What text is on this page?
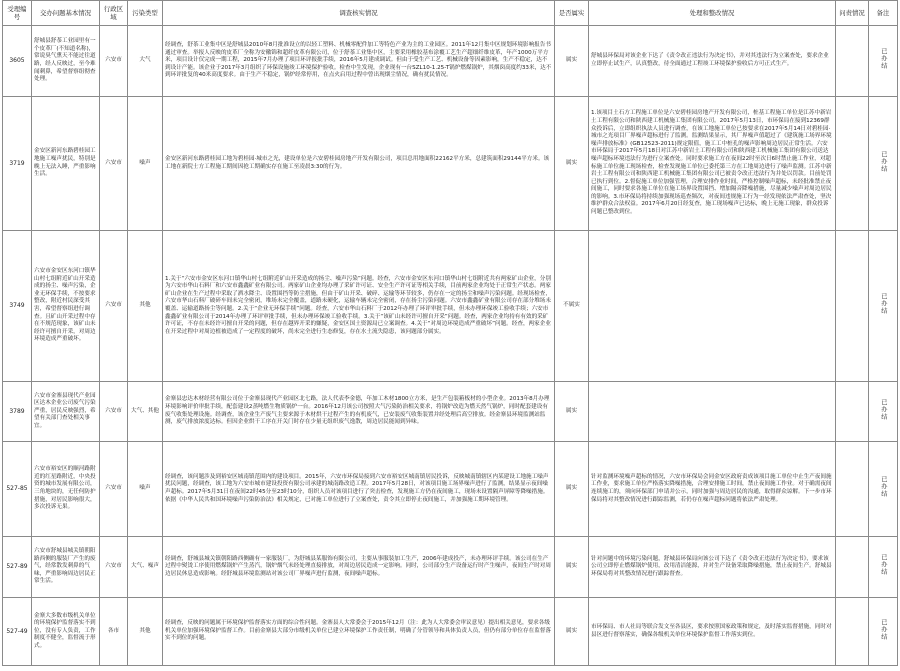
受理编号	交办问题基本情况	行政区域	污染类型	调查核实情况	是否属实	处理和整改情况	问责情况	备注
3605	舒城县舒茶工业园里有一个皮革厂(不知道名称)，常说臭气熏天不能过往道路，经人反映过，至今难闻刺鼻，希望督察组彻查处理。	六安市	大气	经调查，舒茶工业集中区是舒城县2010年8月批准设立的以轻工塑料、机械零配件加工等特色产业为主的工业园区。2011年12月集中区规划环境影响报告书通过审查。举报人反映的皮革厂全称为安徽锦和超纤皮革有限公司，位于舒茶工业集中区，主要采用橡胶基布涂覆工艺生产超细纤维皮革，年产1000万平方米，项目设计仅完成一期工程，2015年7月办理了项目环评报批手续，2016年5月建成调试。但由于受生产工艺、机械设备等因素影响，生产不稳定，达不到设计产能。该企业于2017年3月组织了环保设施竣工环境保护验收。检查中生发现，企业现有一台SZL10-1.25-T锅炉燃煤锅炉，其烟囱高度约33米，达不到环评批复的40米高度要求。由于生产不稳定，锅炉经常停用，在点火启用过程中曾出现烟尘情况，确有扰民情况。	属实	舒城县环保局对该企业下达了《责令改正违法行为决定书》，并对其违法行为立案查处，要求企业立即停止试生产，认真整改，待全面通过工程竣工环境保护验收后方可正式生产。		已办结
3719	金安区新河东路碧桂园工地施工噪声扰民，特别是晚上无法入睡，严重影响生活。	六安市	噪声	金安区新河东路碧桂园工地为碧桂园·城市之光，建设单位是六安碧桂园房地产开发有限公司，项目总用地面积22162平方米，总建筑面积29144平方米。该工地在新院士方工程施工期间因抢工期确实存在施工至凌晨3:30的行为。	属实	1.该项目土石方工程施工单位是六安碧桂园房地产开发有限公司，桩基工程施工单位是江苏中新岩土工程有限公司和陕西建工机械施工集团有限公司。2017年5月13日，市环保局在接到12369群众投诉后，立即组织执法人员进行调查，在该工地施工单位已按要求在2017年5月14日对碧桂园·城市之光项目厂界噪声超标进行了监测。监测结果显示，其厂界噪声值超过了《建筑施工场界环境噪声排放标准》(GB12523-2011)规定限值，施工工中桩孔的噪声影响周边居民正常生活。六安市环保局于2017年5月18日对江苏中新岩土工程有限公司和陕西建工机械施工集团有限公司送达噪声超标环境违法行为进行立案查处。同时要求施工方在夜间22时至次日6时禁止施工作业，对超标施工单位施工现场检查，检查发现施工单位已委托第三方在工地周边进行了噪声监测。江苏中新岩土工程有限公司和陕西建工机械施工集团有限公司已被责令改正违法行为并处以罚款。目前处罚已执行到位。2.督促施工单位加强管理，合理安排作业时间，严格控制噪声超标，未经批准禁止夜间施工，同时要求各施工单位在施工场界设置围挡、增加隔音降噪措施，尽量减少噪声对周边居民的影响。3.市环保局将持续加强现场巡查频次，对夜间违规施工行为一经发现依法严肃查处，坚决维护群众合法权益。2017年6月20日经复查，施工现场噪声已达标，晚上无施工现象，群众投诉问题已整改到位。		已办结
3749	六安市金安区东河口镇华山村七组附近矿山开采造成的扬尘、噪声污染，企业无环保手续，不按要求整改，附近村民深受其害，希望督察组进行调查。且矿山开采过程中存在不规范现象，该矿山未经许可擅自开采，对周边环境造成严重破坏。	六安市	其他	1.关于“六安市金安区东河口镇华山村七组附近矿山开采造成的扬尘、噪声污染”问题。经查，六安市金安区东河口镇华山村七组附近共有两家矿山企业，分别为六安市华山石料厂和六安市鑫鑫矿业有限公司。两家矿山企业均办理了采矿许可证、安全生产许可证等相关手续，目前两家企业均处于正常生产状态。两家矿山企业在生产过程中采取了洒水降尘、设置围挡等防尘措施，但由于矿山开采、破碎、运输等环节较多，仍存在一定的扬尘和噪声污染问题。经现场检查，六安市华山石料厂破碎车间未完全密闭，堆场未完全覆盖，道路未硬化，运输车辆未完全密闭，存在扬尘污染问题。六安市鑫鑫矿业有限公司存在部分堆场未覆盖、运输道路扬尘等问题。2.关于“企业无环保手续”问题。经查，六安市华山石料厂于2012年办理了环评审批手续，但未办理环保竣工验收手续；六安市鑫鑫矿业有限公司于2014年办理了环评审批手续，但未办理环保竣工验收手续。3.关于“该矿山未经许可擅自开采”问题。经查，两家企业均持有有效的采矿许可证，不存在未经许可擅自开采的问题，但存在越界开采的嫌疑，金安区国土资源局已立案调查。4.关于“对周边环境造成严重破坏”问题。经查，两家企业在开采过程中对周边植被造成了一定程度的破坏，尚未完全进行生态修复，存在水土流失隐患，该问题部分属实。	不属实			已办结
3789	六安市金寨县现代产业园区达木企业公司废气污染严重，居民反映强烈，希望有关部门查处相关事宜。	六安市	大气、其他	金寨县忠达木材经营有限公司位于金寨县现代产业园区北七路，法人代表李金德，年加工木材1800立方米，是生产包装箱板材的小型企业。2013年8月办理环境影响评价审批手续，配套建设2蒸吨燃生物质锅炉一台。2016年12月该公司按照大气污染防治相关要求，将锅炉改造为燃天然气锅炉，同时配套建设有废气收集处理设施。经调查，该企业生产废气主要来源于木材烘干过程产生的有机废气，已安装废气收集装置并经处理后高空排放。经金寨县环境监测站监测，废气排放浓度达标。但因企业烘干工序在开关门时存在少量无组织废气逸散，周边居民能闻到异味。	属实			已办结
527-85	六安市裕安区的顺河路附近的红星路附近，中央投资的城市发展有限公司，三角地块的，无任何防护措施，对居民影响很大，多次投诉无果。	六安市	噪声	经调查，该问题涉及到裕安区城南镇范围内的建设项目。2015年，六安市环保局接到六安市裕安区城南镇居民投诉，反映城南镇辖区内某建设工地施工噪声扰民问题，经调查，该工地为六安市城市建设投资有限公司承建的城南路改造工程。2017年5月28日，对该项目施工场界噪声进行了监测，结果显示夜间噪声超标。2017年5月31日在夜间22时45分至23时10分，组织人员对该项目进行了突击检查，发现施工方仍在夜间施工，现场未设置隔声屏障等降噪措施。依据《中华人民共和国环境噪声污染防治法》相关规定，已对施工单位进行了立案查处，责令其立即停止夜间施工，并加强施工期环境管理。	属实	针对监测环境噪声超标的情况，六安市环保局会同金安区政府责成该项目施工单位中止生产夜间施工作业，要求施工单位严格落实降噪措施，合理安排施工时间，禁止夜间施工作业。对于确需夜间连续施工的，须向环保部门申请并公示，同时加强与周边居民的沟通，取得群众谅解。下一步市环保局将对其整改情况进行跟踪监测，若仍存在噪声超标问题将依法严肃处理。		已办结
527-89	六安市舒城县城关镇朝阳路西侧的服装厂产生的废气，经常散发刺鼻的气味，严重影响周边居民正常生活。	六安市	大气、噪声	经调查，舒城县城关镇朝阳路西侧确有一家服装厂，为舒城县某服饰有限公司，主要从事服装加工生产，2006年建成投产，未办理环评手续。该公司在生产过程中熨烫工序使用燃煤锅炉产生蒸汽，锅炉烟气未经处理直接排放，对周边居民造成一定影响。同时，公司部分生产设备运行时产生噪声，夜间生产时对周边居民休息造成影响。经舒城县环境监测站对该公司厂界噪声进行监测，夜间噪声超标。	属实	针对问题中的环境污染问题，舒城县环保局向该公司下达了《责令改正违法行为决定书》，要求该公司立即停止燃煤锅炉使用，改用清洁能源，并对生产设备采取降噪措施，禁止夜间生产。舒城县环保局将对其整改情况进行跟踪督查。		已办结
527-49	金寨大多数市级机关单位的环境保护监督落实不到位，没有专人负责，工作制度不健全，监督流于形式。	各市	其他	经调查，反映的问题属于环境保护监督落实方面的综合性问题。金寨县人大常委会于2015年12月（注：此为人大常委会审议意见）提出相关意见，要求各级机关单位加强环境保护监督工作。目前金寨县大部分市级机关单位已建立环境保护工作责任制，明确了分管领导和具体负责人员，但仍有部分单位存在监督落实不到位的问题。	属实	市环保局、市人社局等联合发文至各县区，要求按照国家政策和规定，及时落实监督措施，同时对县区进行督察落实，确保各级机关单位环境保护监督工作落实到位。		已办结
